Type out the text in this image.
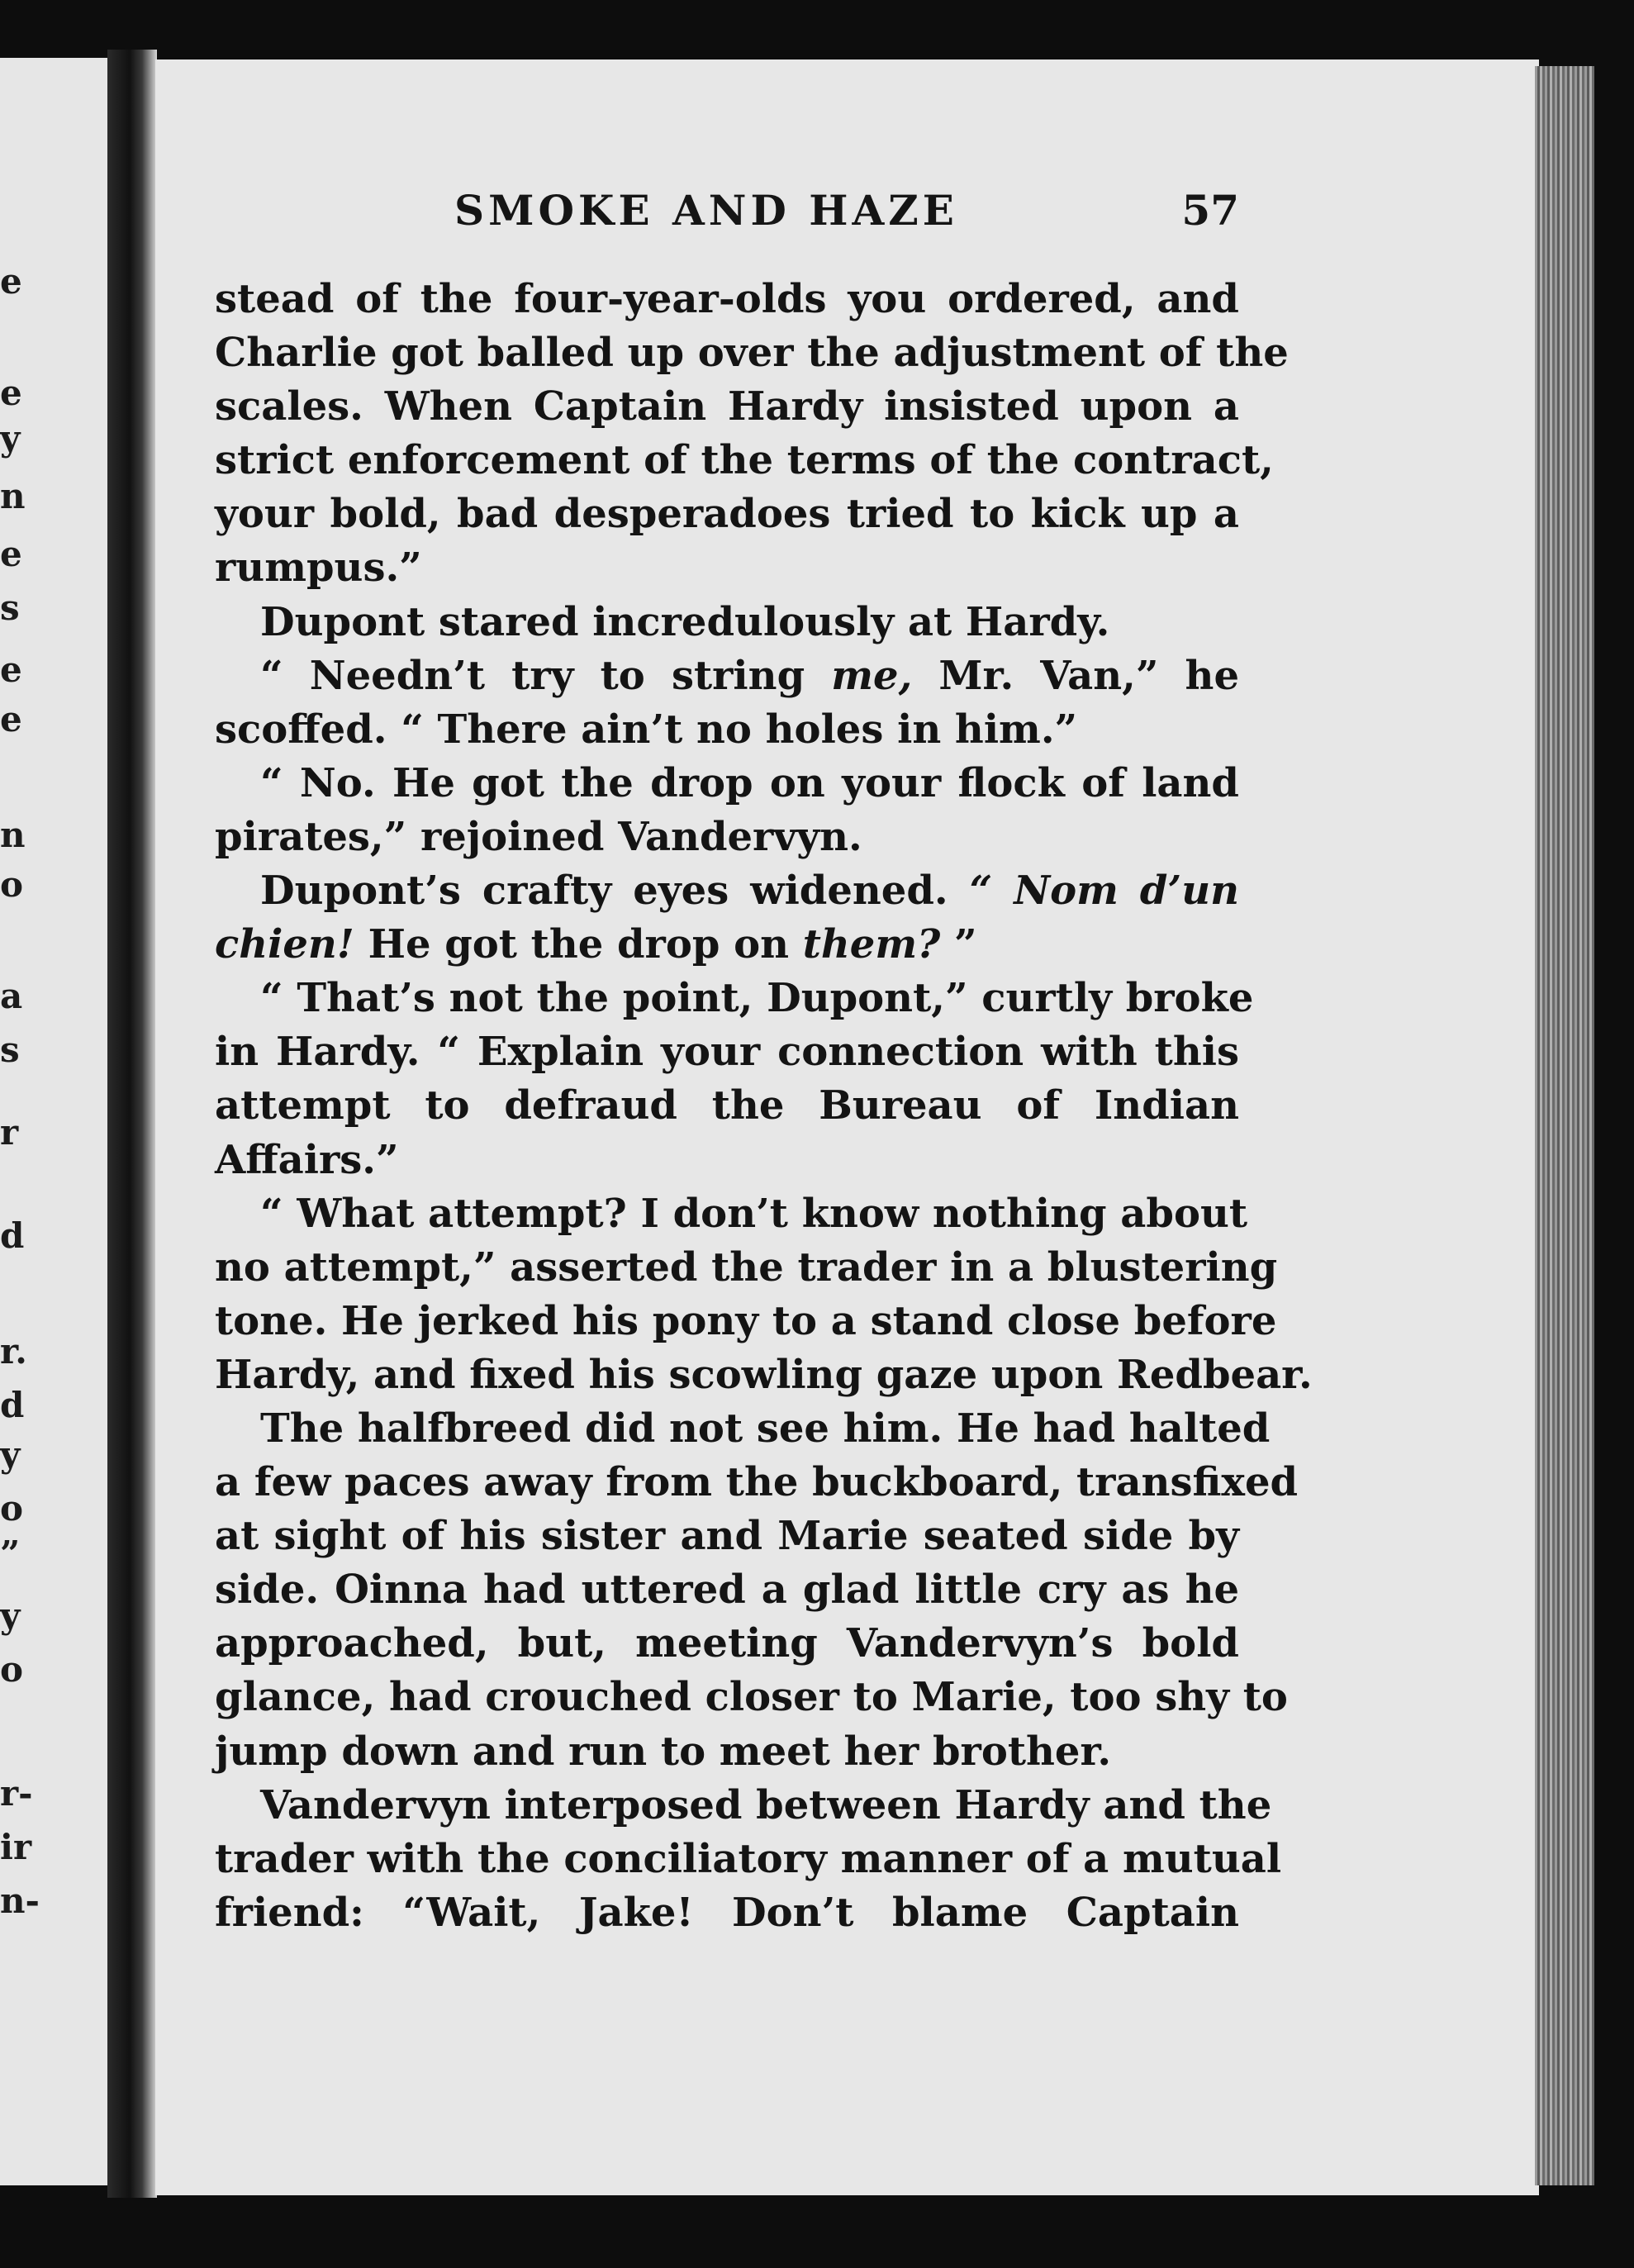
e
e
y
n
e
s
e
e
n
o
a
s
r
d
r.
d
y
o
”
y
o
r-
ir
n-
SMOKE AND HAZE	57
stead of the four-year-olds you ordered, and
Charlie got balled up over the adjustment of the
scales. When Captain Hardy insisted upon a
strict enforcement of the terms of the contract,
your bold, bad desperadoes tried to kick up a
rumpus.”
Dupont stared incredulously at Hardy.
“ Needn’t try to string me, Mr. Van,” he
scoffed. “ There ain’t no holes in him.”
“ No. He got the drop on your flock of land
pirates,” rejoined Vandervyn.
Dupont’s crafty eyes widened. “ Nom d’un
chien! He got the drop on them? ”
“ That’s not the point, Dupont,” curtly broke
in Hardy. “ Explain your connection with this
attempt to defraud the Bureau of Indian
Affairs.”
“ What attempt? I don’t know nothing about
no attempt,” asserted the trader in a blustering
tone. He jerked his pony to a stand close before
Hardy, and fixed his scowling gaze upon Redbear.
The halfbreed did not see him. He had halted
a few paces away from the buckboard, transfixed
at sight of his sister and Marie seated side by
side. Oinna had uttered a glad little cry as he
approached, but, meeting Vandervyn’s bold
glance, had crouched closer to Marie, too shy to
jump down and run to meet her brother.
Vandervyn interposed between Hardy and the
trader with the conciliatory manner of a mutual
friend: “Wait, Jake! Don’t blame Captain
